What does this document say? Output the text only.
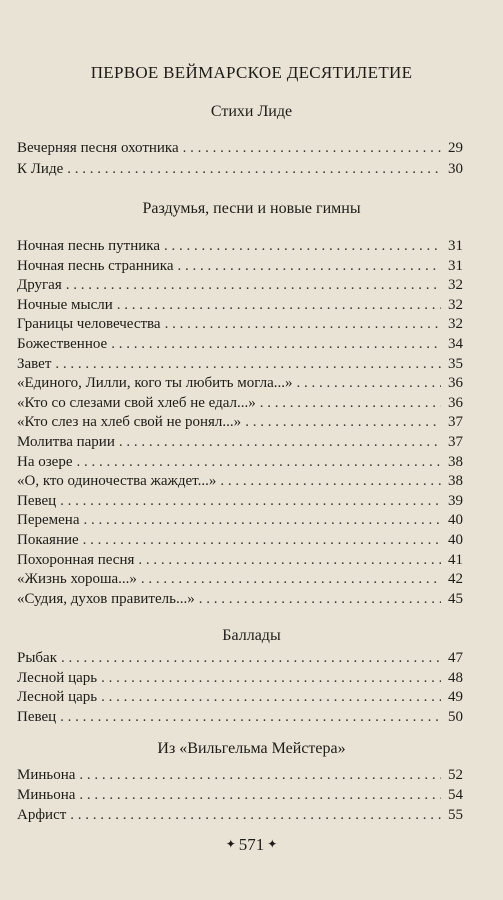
ПЕРВОЕ ВЕЙМАРСКОЕ ДЕСЯТИЛЕТИЕ
Стихи Лиде
Вечерняя песня охотника . . .	29
К Лиде . . .	30
Раздумья, песни и новые гимны
Ночная песнь путника . . .	31
Ночная песнь странника . . .	31
Другая . . .	32
Ночные мысли . . .	32
Границы человечества . . .	32
Божественное . . .	34
Завет . . .	35
«Единого, Лилли, кого ты любить могла...» . . .	36
«Кто со слезами свой хлеб не едал...» . . .	36
«Кто слез на хлеб свой не ронял...» . . .	37
Молитва парии . . .	37
На озере . . .	38
«О, кто одиночества жаждет...» . . .	38
Певец . . .	39
Перемена . . .	40
Покаяние . . .	40
Похоронная песня . . .	41
«Жизнь хороша...» . . .	42
«Судия, духов правитель...» . . .	45
Баллады
Рыбак . . .	47
Лесной царь . . .	48
Лесной царь . . .	49
Певец . . .	50
Из «Вильгельма Мейстера»
Миньона . . .	52
Миньона . . .	54
Арфист . . .	55
✦ 571 ✦
